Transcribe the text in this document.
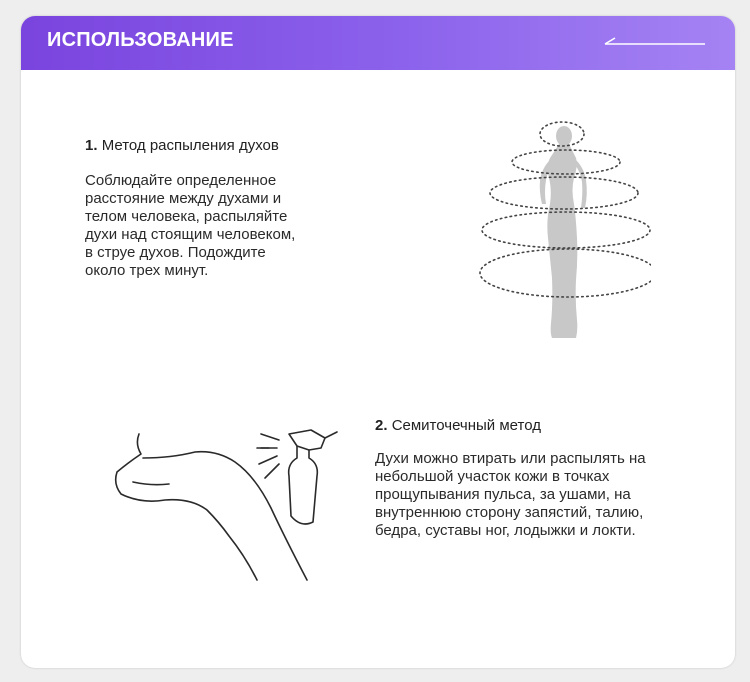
ИСПОЛЬЗОВАНИЕ
1. Метод распыления духов
Соблюдайте определенное
расстояние между духами и
телом человека, распыляйте
духи над стоящим человеком,
в струе духов. Подождите
около трех минут.
2. Семиточечный метод
Духи можно втирать или распылять на
небольшой участок кожи в точках
прощупывания пульса, за ушами, на
внутреннюю сторону запястий, талию,
бедра, суставы ног, лодыжки и локти.
